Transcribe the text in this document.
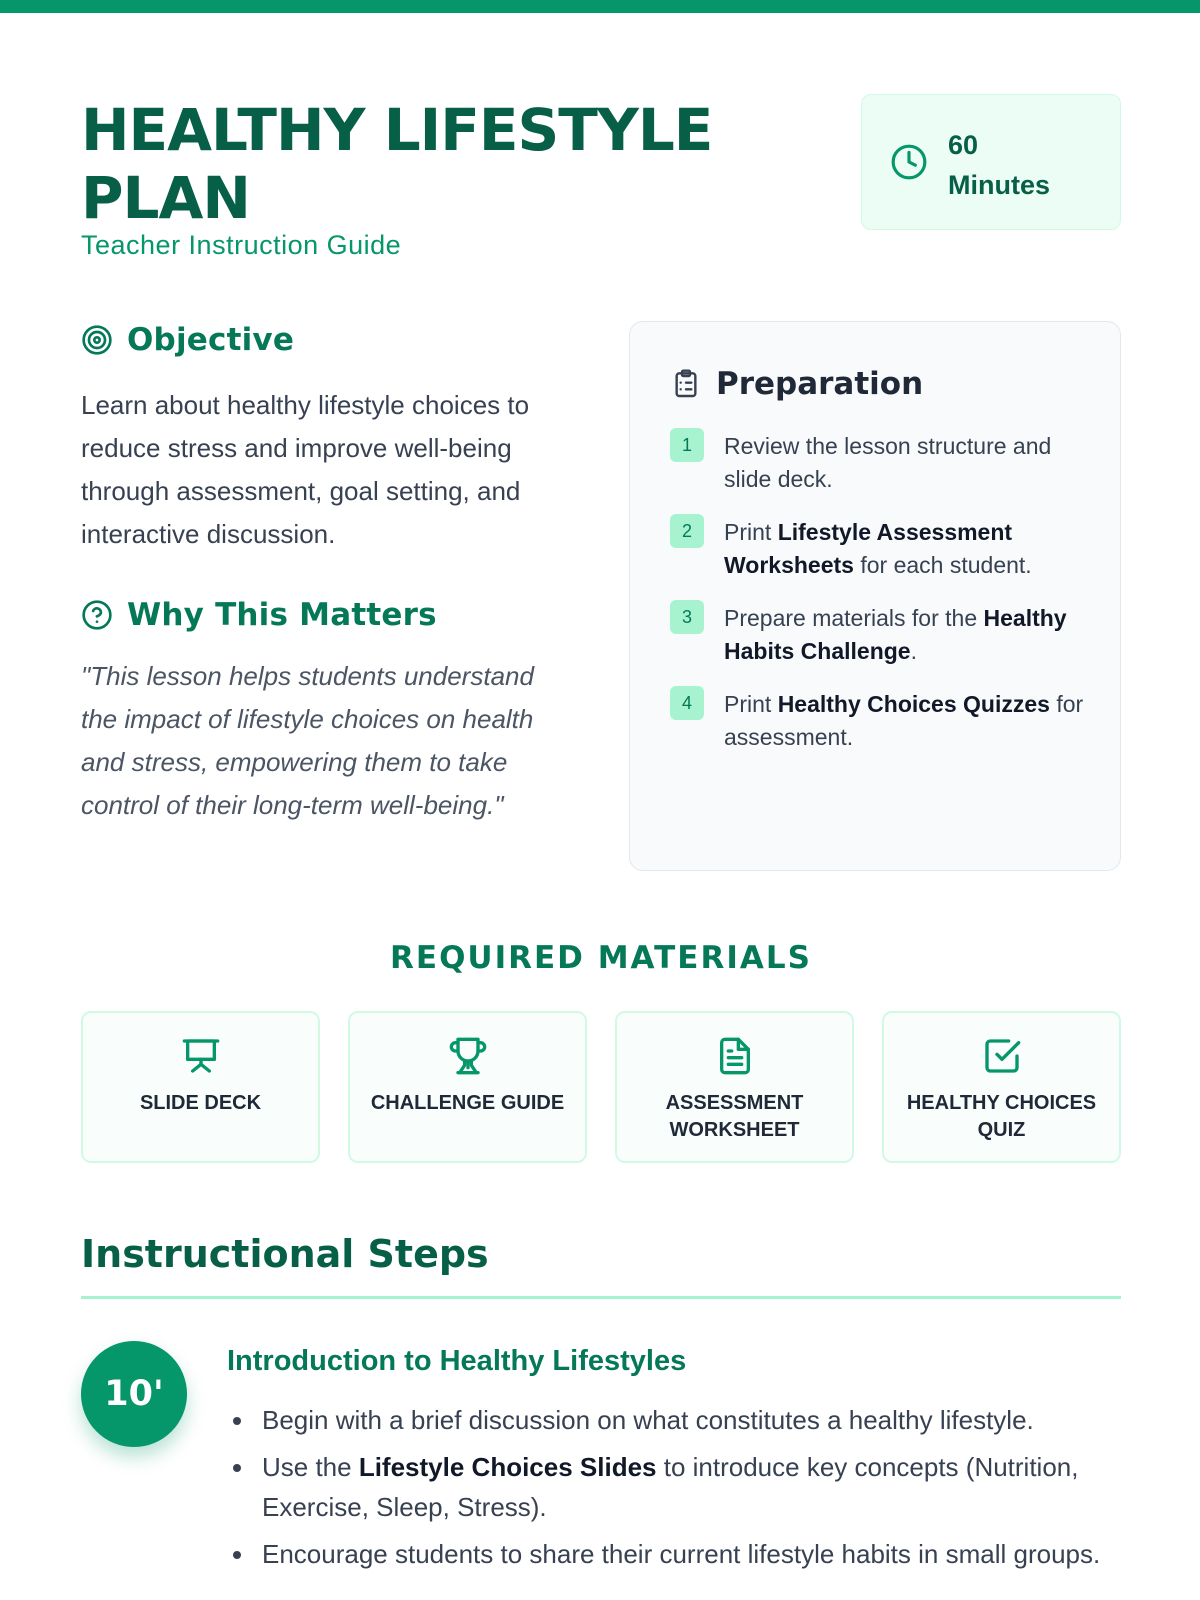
HEALTHY LIFESTYLE
PLAN
Teacher Instruction Guide
60
Minutes
Objective

Learn about healthy lifestyle choices to reduce stress and improve well-being through assessment, goal setting, and interactive discussion.

Why This Matters

"This lesson helps students understand the impact of lifestyle choices on health and stress, empowering them to take control of their long-term well-being."

Preparation
1	Review the lesson structure and slide deck.
2	Print Lifestyle Assessment Worksheets for each student.
3	Prepare materials for the Healthy Habits Challenge.
4	Print Healthy Choices Quizzes for assessment.
REQUIRED MATERIALS
SLIDE DECK	CHALLENGE GUIDE	ASSESSMENT WORKSHEET
HEALTHY CHOICES QUIZ
Instructional Steps
10'
Introduction to Healthy Lifestyles
Begin with a brief discussion on what constitutes a healthy lifestyle.
Use the Lifestyle Choices Slides to introduce key concepts (Nutrition, Exercise, Sleep, Stress).
Encourage students to share their current lifestyle habits in small groups.
